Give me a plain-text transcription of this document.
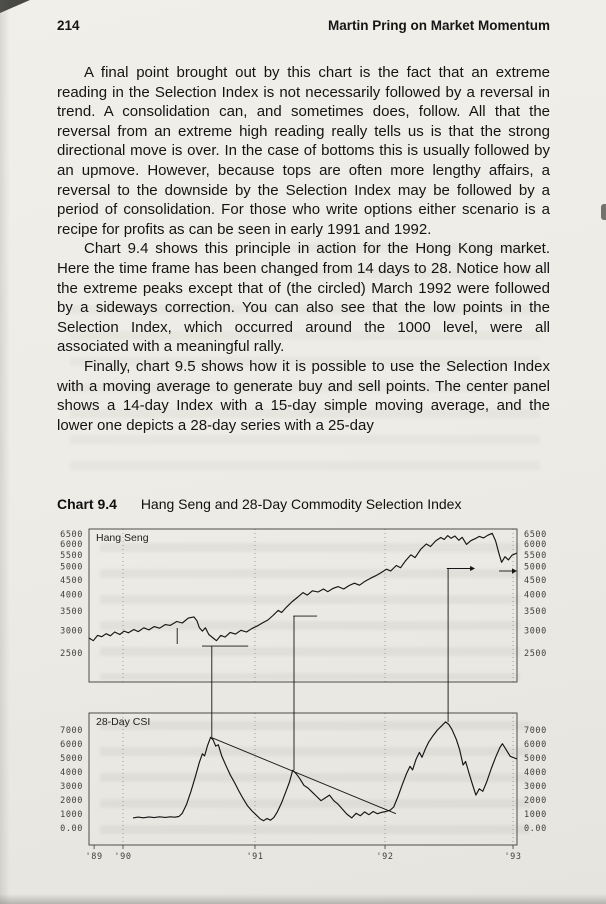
214	Martin Pring on Market Momentum

A final point brought out by this chart is the fact that an extreme reading in the Selection Index is not necessarily followed by a reversal in trend. A consolidation can, and sometimes does, follow. All that the reversal from an extreme high reading really tells us is that the strong directional move is over. In the case of bottoms this is usually followed by an upmove. However, because tops are often more lengthy affairs, a reversal to the downside by the Selection Index may be followed by a period of consolidation. For those who write options either scenario is a recipe for profits as can be seen in early 1991 and 1992.

Chart 9.4 shows this principle in action for the Hong Kong market. Here the time frame has been changed from 14 days to 28. Notice how all the extreme peaks except that of (the circled) March 1992 were followed by a sideways correction. You can also see that the low points in the Selection Index, which occurred around the 1000 level, were all associated with a meaningful rally.

Finally, chart 9.5 shows how it is possible to use the Selection Index with a moving average to generate buy and sell points. The center panel shows a 14-day Index with a 15-day simple moving average, and the lower one depicts a 28-day series with a 25-day

Chart 9.4 Hang Seng and 28-Day Commodity Selection Index
6500	6500
6000	6000
5500	5500
5000	5000
4500	4500
4000	4000
3500	3500
3000	3000
2500	2500
7000	7000
6000	6000
5000	5000
4000	4000
3000	3000
2000	2000
1000	1000
0.00	0.00
'89 '90	'91	'92	'93
Hang Seng
28-Day CSI
